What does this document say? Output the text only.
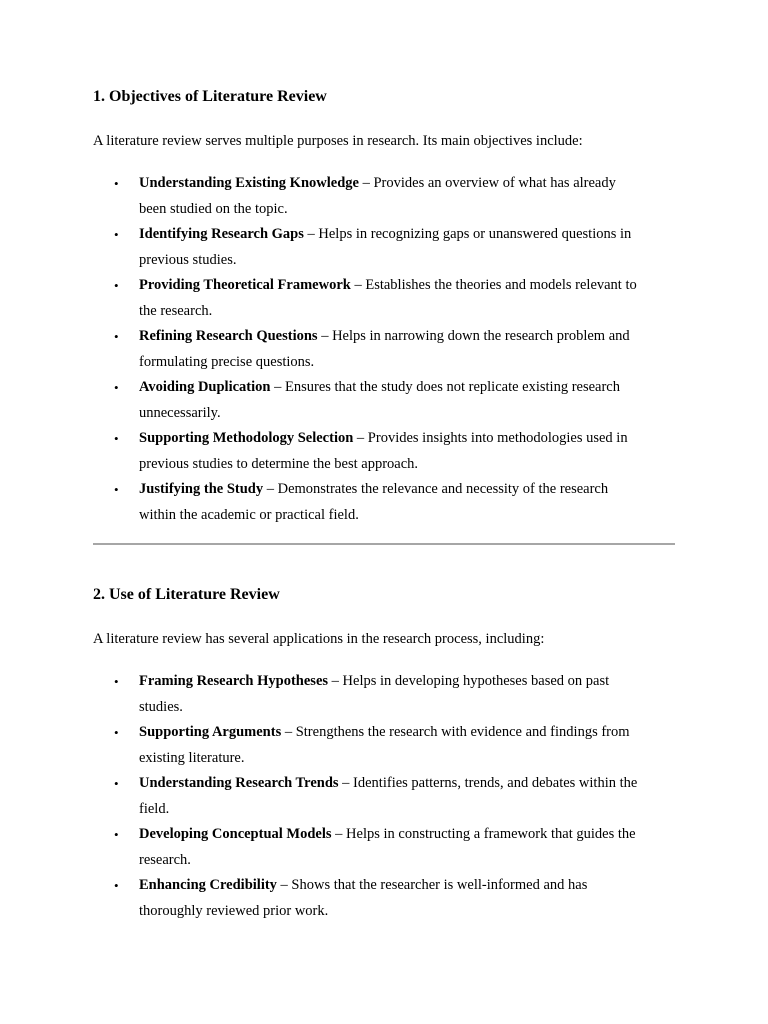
1. Objectives of Literature Review

A literature review serves multiple purposes in research. Its main objectives include:

• Understanding Existing Knowledge – Provides an overview of what has already
been studied on the topic.
• Identifying Research Gaps – Helps in recognizing gaps or unanswered questions in
previous studies.
• Providing Theoretical Framework – Establishes the theories and models relevant to
the research.
• Refining Research Questions – Helps in narrowing down the research problem and
formulating precise questions.
• Avoiding Duplication – Ensures that the study does not replicate existing research
unnecessarily.
• Supporting Methodology Selection – Provides insights into methodologies used in
previous studies to determine the best approach.
• Justifying the Study – Demonstrates the relevance and necessity of the research
within the academic or practical field.
2. Use of Literature Review

A literature review has several applications in the research process, including:

• Framing Research Hypotheses – Helps in developing hypotheses based on past
studies.
• Supporting Arguments – Strengthens the research with evidence and findings from
existing literature.
• Understanding Research Trends – Identifies patterns, trends, and debates within the
field.
• Developing Conceptual Models – Helps in constructing a framework that guides the
research.
• Enhancing Credibility – Shows that the researcher is well-informed and has
thoroughly reviewed prior work.
